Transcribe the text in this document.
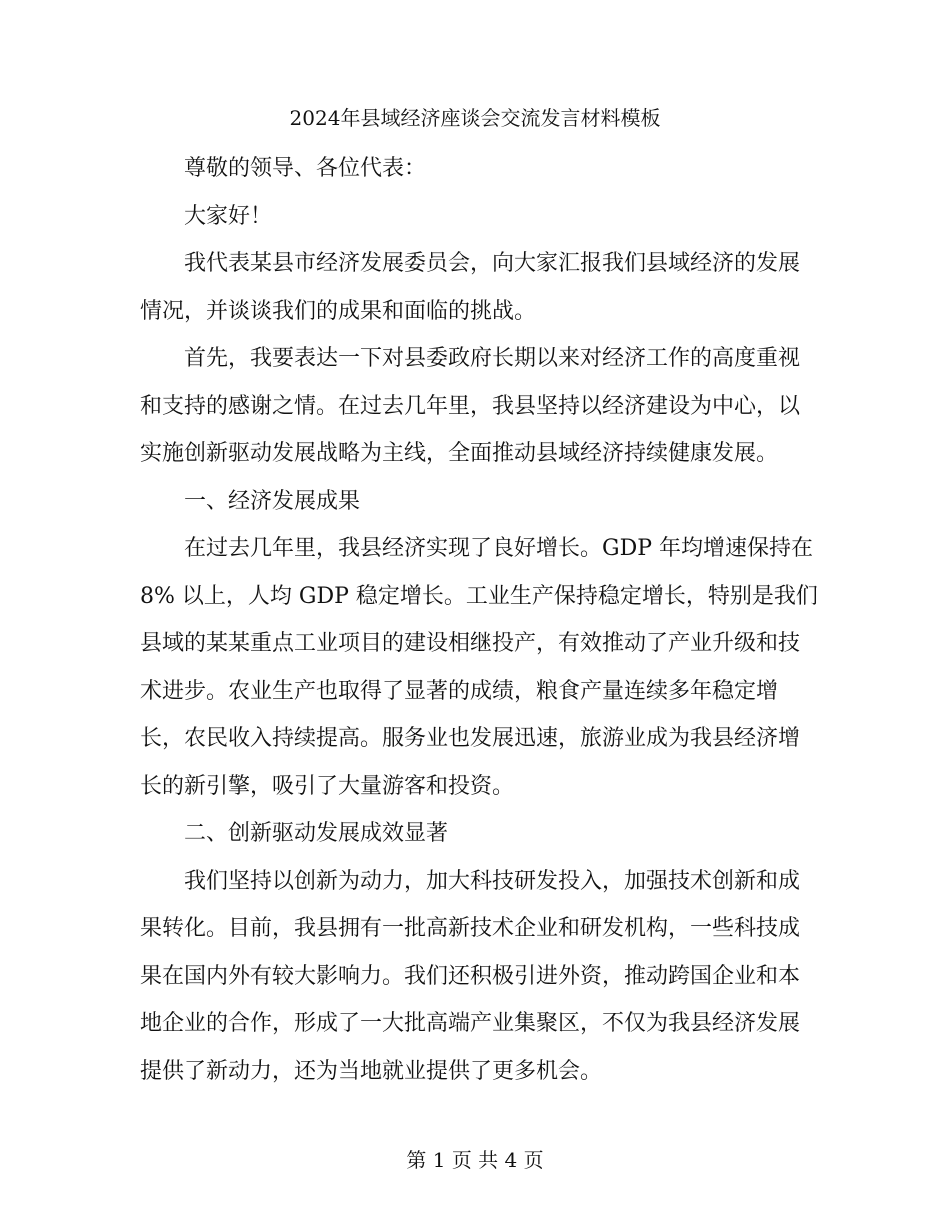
2024年县域经济座谈会交流发言材料模板

尊敬的领导、各位代表：

大家好！

我代表某县市经济发展委员会，向大家汇报我们县域经济的发展
情况，并谈谈我们的成果和面临的挑战。

首先，我要表达一下对县委政府长期以来对经济工作的高度重视
和支持的感谢之情。在过去几年里，我县坚持以经济建设为中心，以
实施创新驱动发展战略为主线，全面推动县域经济持续健康发展。

一、经济发展成果

在过去几年里，我县经济实现了良好增长。GDP 年均增速保持在
8% 以上，人均 GDP 稳定增长。工业生产保持稳定增长，特别是我们
县域的某某重点工业项目的建设相继投产，有效推动了产业升级和技
术进步。农业生产也取得了显著的成绩，粮食产量连续多年稳定增
长，农民收入持续提高。服务业也发展迅速，旅游业成为我县经济增
长的新引擎，吸引了大量游客和投资。

二、创新驱动发展成效显著

我们坚持以创新为动力，加大科技研发投入，加强技术创新和成
果转化。目前，我县拥有一批高新技术企业和研发机构，一些科技成
果在国内外有较大影响力。我们还积极引进外资，推动跨国企业和本
地企业的合作，形成了一大批高端产业集聚区，不仅为我县经济发展
提供了新动力，还为当地就业提供了更多机会。

第 1 页 共 4 页
